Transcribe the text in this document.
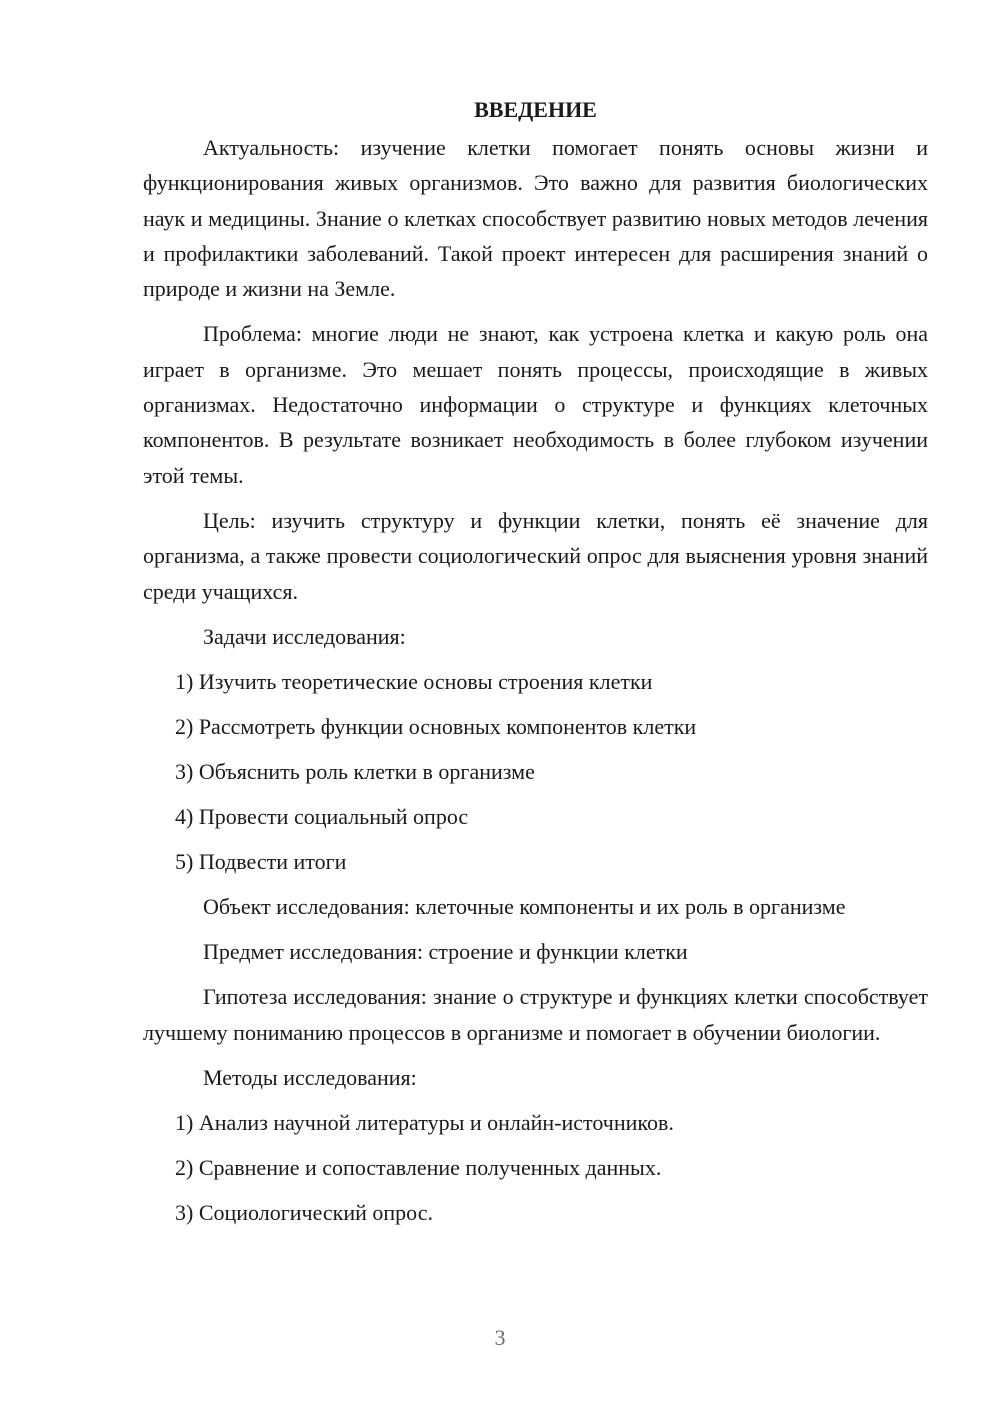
ВВЕДЕНИЕ

Актуальность: изучение клетки помогает понять основы жизни и функционирования живых организмов. Это важно для развития биологических наук и медицины. Знание о клетках способствует развитию новых методов лечения и профилактики заболеваний. Такой проект интересен для расширения знаний о природе и жизни на Земле.

Проблема: многие люди не знают, как устроена клетка и какую роль она играет в организме. Это мешает понять процессы, происходящие в живых организмах. Недостаточно информации о структуре и функциях клеточных компонентов. В результате возникает необходимость в более глубоком изучении этой темы.

Цель: изучить структуру и функции клетки, понять её значение для организма, а также провести социологический опрос для выяснения уровня знаний среди учащихся.

Задачи исследования:

1) Изучить теоретические основы строения клетки
2) Рассмотреть функции основных компонентов клетки
3) Объяснить роль клетки в организме
4) Провести социальный опрос
5) Подвести итоги

Объект исследования: клеточные компоненты и их роль в организме

Предмет исследования: строение и функции клетки

Гипотеза исследования: знание о структуре и функциях клетки способствует лучшему пониманию процессов в организме и помогает в обучении биологии.

Методы исследования:

1) Анализ научной литературы и онлайн-источников.
2) Сравнение и сопоставление полученных данных.
3) Социологический опрос.
3
